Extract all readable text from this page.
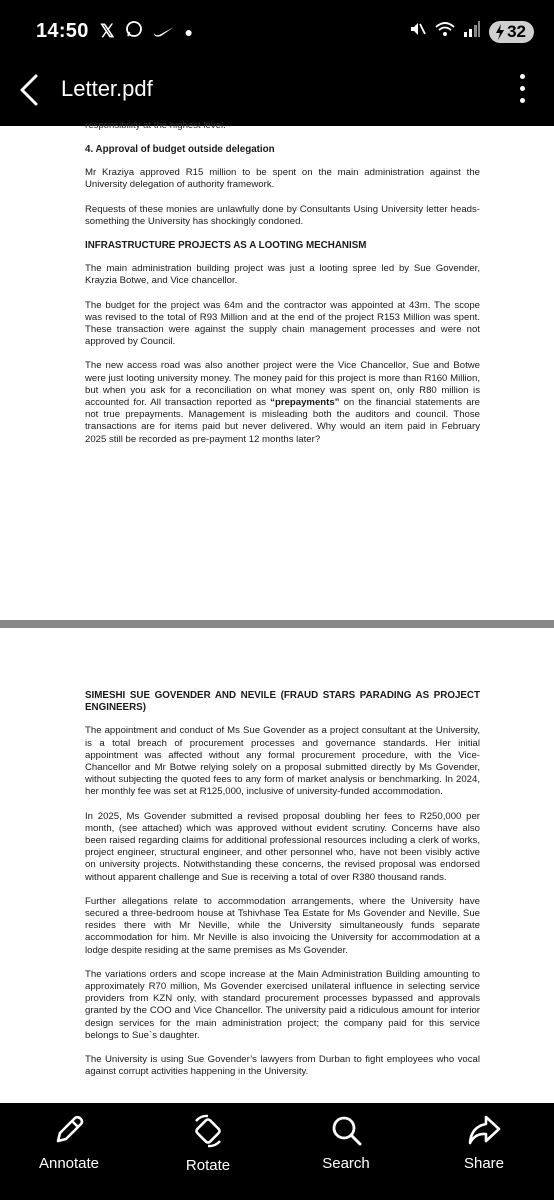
14:50 𝕏	●	32
Letter.pdf
responsibility at the highest level.
4. Approval of budget outside delegation

Mr Kraziya approved R15 million to be spent on the main administration against the University delegation of authority framework.

Requests of these monies are unlawfully done by Consultants Using University letter heads- something the University has shockingly condoned.

INFRASTRUCTURE PROJECTS AS A LOOTING MECHANISM

The main administration building project was just a looting spree led by Sue Govender, Krayzia Botwe, and Vice chancellor.

The budget for the project was 64m and the contractor was appointed at 43m. The scope was revised to the total of R93 Million and at the end of the project R153 Million was spent. These transaction were against the supply chain management processes and were not approved by Council.

The new access road was also another project were the Vice Chancellor, Sue and Botwe were just looting university money. The money paid for this project is more than R160 Million, but when you ask for a reconciliation on what money was spent on, only R80 million is accounted for. All transaction reported as “prepayments” on the financial statements are not true prepayments. Management is misleading both the auditors and council. Those transactions are for items paid but never delivered. Why would an item paid in February 2025 still be recorded as pre-payment 12 months later?

SIMESHI SUE GOVENDER AND NEVILE (FRAUD STARS PARADING AS PROJECT ENGINEERS)

The appointment and conduct of Ms Sue Govender as a project consultant at the University, is a total breach of procurement processes and governance standards. Her initial appointment was affected without any formal procurement procedure, with the Vice-Chancellor and Mr Botwe relying solely on a proposal submitted directly by Ms Govender, without subjecting the quoted fees to any form of market analysis or benchmarking. In 2024, her monthly fee was set at R125,000, inclusive of university-funded accommodation.

In 2025, Ms Govender submitted a revised proposal doubling her fees to R250,000 per month, (see attached) which was approved without evident scrutiny. Concerns have also been raised regarding claims for additional professional resources including a clerk of works, project engineer, structural engineer, and other personnel who, have not been visibly active on university projects. Notwithstanding these concerns, the revised proposal was endorsed without apparent challenge and Sue is receiving a total of over R380 thousand rands.

Further allegations relate to accommodation arrangements, where the University have secured a three-bedroom house at Tshivhase Tea Estate for Ms Govender and Neville. Sue resides there with Mr Neville, while the University simultaneously funds separate accommodation for him. Mr Neville is also invoicing the University for accommodation at a lodge despite residing at the same premises as Ms Govender.

The variations orders and scope increase at the Main Administration Building amounting to approximately R70 million, Ms Govender exercised unilateral influence in selecting service providers from KZN only, with standard procurement processes bypassed and approvals granted by the COO and Vice Chancellor. The university paid a ridiculous amount for interior design services for the main administration project; the company paid for this service belongs to Sue`s daughter.

The University is using Sue Govender’s lawyers from Durban to fight employees who vocal against corrupt activities happening in the University.

Annotate	Rotate	Search	Share
